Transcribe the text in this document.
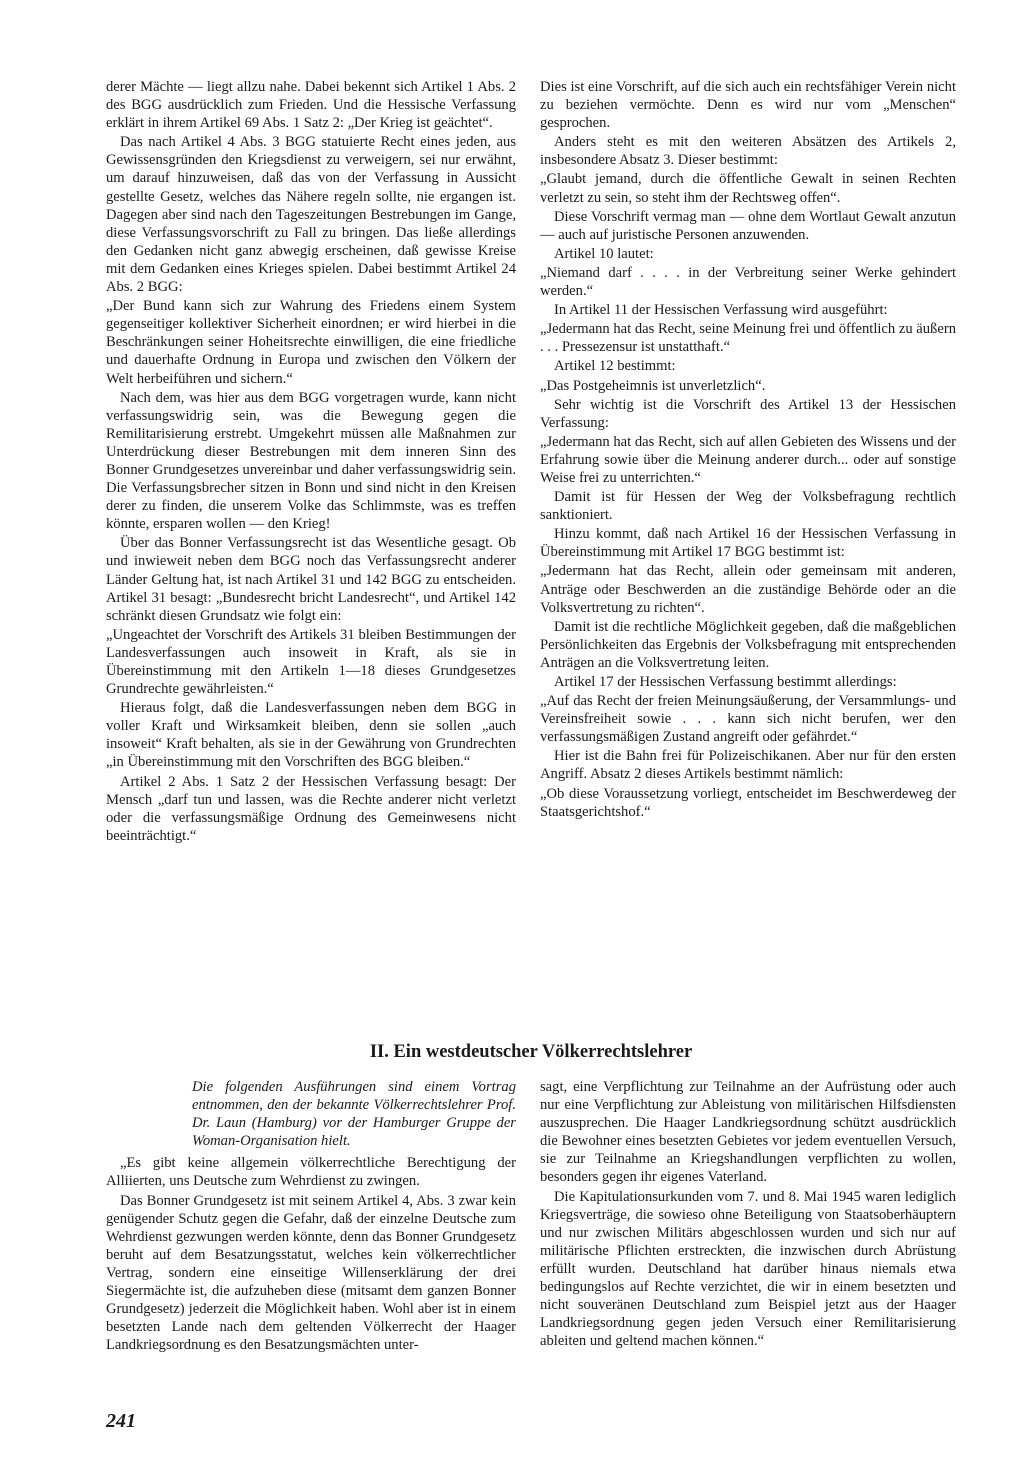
derer Mächte — liegt allzu nahe. Dabei bekennt sich Artikel 1 Abs. 2 des BGG ausdrücklich zum Frieden. Und die Hessische Verfassung erklärt in ihrem Artikel 69 Abs. 1 Satz 2: „Der Krieg ist geächtet“.

Das nach Artikel 4 Abs. 3 BGG statuierte Recht eines jeden, aus Gewissensgründen den Kriegsdienst zu verweigern, sei nur erwähnt, um darauf hinzuweisen, daß das von der Verfassung in Aussicht gestellte Gesetz, welches das Nähere regeln sollte, nie ergangen ist. Dagegen aber sind nach den Tageszeitungen Bestrebungen im Gange, diese Verfassungsvorschrift zu Fall zu bringen. Das ließe allerdings den Gedanken nicht ganz abwegig erscheinen, daß gewisse Kreise mit dem Gedanken eines Krieges spielen. Dabei bestimmt Artikel 24 Abs. 2 BGG:

„Der Bund kann sich zur Wahrung des Friedens einem System gegenseitiger kollektiver Sicherheit einordnen; er wird hierbei in die Beschränkungen seiner Hoheitsrechte einwilligen, die eine friedliche und dauerhafte Ordnung in Europa und zwischen den Völkern der Welt herbeiführen und sichern.“

Nach dem, was hier aus dem BGG vorgetragen wurde, kann nicht verfassungswidrig sein, was die Bewegung gegen die Remilitarisierung erstrebt. Umgekehrt müssen alle Maßnahmen zur Unterdrückung dieser Bestrebungen mit dem inneren Sinn des Bonner Grundgesetzes unvereinbar und daher verfassungswidrig sein. Die Verfassungsbrecher sitzen in Bonn und sind nicht in den Kreisen derer zu finden, die unserem Volke das Schlimmste, was es treffen könnte, ersparen wollen — den Krieg!

Über das Bonner Verfassungsrecht ist das Wesentliche gesagt. Ob und inwieweit neben dem BGG noch das Verfassungsrecht anderer Länder Geltung hat, ist nach Artikel 31 und 142 BGG zu entscheiden. Artikel 31 besagt: „Bundesrecht bricht Landesrecht“, und Artikel 142 schränkt diesen Grundsatz wie folgt ein:

„Ungeachtet der Vorschrift des Artikels 31 bleiben Bestimmungen der Landesverfassungen auch insoweit in Kraft, als sie in Übereinstimmung mit den Artikeln 1—18 dieses Grundgesetzes Grundrechte gewährleisten.“

Hieraus folgt, daß die Landesverfassungen neben dem BGG in voller Kraft und Wirksamkeit bleiben, denn sie sollen „auch insoweit“ Kraft behalten, als sie in der Gewährung von Grundrechten „in Übereinstimmung mit den Vorschriften des BGG bleiben.“

Artikel 2 Abs. 1 Satz 2 der Hessischen Verfassung besagt: Der Mensch „darf tun und lassen, was die Rechte anderer nicht verletzt oder die verfassungsmäßige Ordnung des Gemeinwesens nicht beeinträchtigt.“

Dies ist eine Vorschrift, auf die sich auch ein rechtsfähiger Verein nicht zu beziehen vermöchte. Denn es wird nur vom „Menschen“ gesprochen.

Anders steht es mit den weiteren Absätzen des Artikels 2, insbesondere Absatz 3. Dieser bestimmt:

„Glaubt jemand, durch die öffentliche Gewalt in seinen Rechten verletzt zu sein, so steht ihm der Rechtsweg offen“.

Diese Vorschrift vermag man — ohne dem Wortlaut Gewalt anzutun — auch auf juristische Personen anzuwenden.

Artikel 10 lautet:

„Niemand darf . . . . in der Verbreitung seiner Werke gehindert werden.“

In Artikel 11 der Hessischen Verfassung wird ausgeführt:

„Jedermann hat das Recht, seine Meinung frei und öffentlich zu äußern . . . Pressezensur ist unstatthaft.“

Artikel 12 bestimmt:

„Das Postgeheimnis ist unverletzlich“.

Sehr wichtig ist die Vorschrift des Artikel 13 der Hessischen Verfassung:

„Jedermann hat das Recht, sich auf allen Gebieten des Wissens und der Erfahrung sowie über die Meinung anderer durch... oder auf sonstige Weise frei zu unterrichten.“

Damit ist für Hessen der Weg der Volksbefragung rechtlich sanktioniert.

Hinzu kommt, daß nach Artikel 16 der Hessischen Verfassung in Übereinstimmung mit Artikel 17 BGG bestimmt ist:

„Jedermann hat das Recht, allein oder gemeinsam mit anderen, Anträge oder Beschwerden an die zuständige Behörde oder an die Volksvertretung zu richten“.

Damit ist die rechtliche Möglichkeit gegeben, daß die maßgeblichen Persönlichkeiten das Ergebnis der Volksbefragung mit entsprechenden Anträgen an die Volksvertretung leiten.

Artikel 17 der Hessischen Verfassung bestimmt allerdings:

„Auf das Recht der freien Meinungsäußerung, der Versammlungs- und Vereinsfreiheit sowie . . . kann sich nicht berufen, wer den verfassungsmäßigen Zustand angreift oder gefährdet.“

Hier ist die Bahn frei für Polizeischikanen. Aber nur für den ersten Angriff. Absatz 2 dieses Artikels bestimmt nämlich:

„Ob diese Voraussetzung vorliegt, entscheidet im Beschwerdeweg der Staatsgerichtshof.“

II. Ein westdeutscher Völkerrechtslehrer

Die folgenden Ausführungen sind einem Vortrag entnommen, den der bekannte Völkerrechtslehrer Prof. Dr. Laun (Hamburg) vor der Hamburger Gruppe der Woman-Organisation hielt.

„Es gibt keine allgemein völkerrechtliche Berechtigung der Alliierten, uns Deutsche zum Wehrdienst zu zwingen.

Das Bonner Grundgesetz ist mit seinem Artikel 4, Abs. 3 zwar kein genügender Schutz gegen die Gefahr, daß der einzelne Deutsche zum Wehrdienst gezwungen werden könnte, denn das Bonner Grundgesetz beruht auf dem Besatzungsstatut, welches kein völkerrechtlicher Vertrag, sondern eine einseitige Willenserklärung der drei Siegermächte ist, die aufzuheben diese (mitsamt dem ganzen Bonner Grundgesetz) jederzeit die Möglichkeit haben. Wohl aber ist in einem besetzten Lande nach dem geltenden Völkerrecht der Haager Landkriegsordnung es den Besatzungsmächten unter-

sagt, eine Verpflichtung zur Teilnahme an der Aufrüstung oder auch nur eine Verpflichtung zur Ableistung von militärischen Hilfsdiensten auszusprechen. Die Haager Landkriegsordnung schützt ausdrücklich die Bewohner eines besetzten Gebietes vor jedem eventuellen Versuch, sie zur Teilnahme an Kriegshandlungen verpflichten zu wollen, besonders gegen ihr eigenes Vaterland.

Die Kapitulationsurkunden vom 7. und 8. Mai 1945 waren lediglich Kriegsverträge, die sowieso ohne Beteiligung von Staatsoberhäuptern und nur zwischen Militärs abgeschlossen wurden und sich nur auf militärische Pflichten erstreckten, die inzwischen durch Abrüstung erfüllt wurden. Deutschland hat darüber hinaus niemals etwa bedingungslos auf Rechte verzichtet, die wir in einem besetzten und nicht souveränen Deutschland zum Beispiel jetzt aus der Haager Landkriegsordnung gegen jeden Versuch einer Remilitarisierung ableiten und geltend machen können.“

241
